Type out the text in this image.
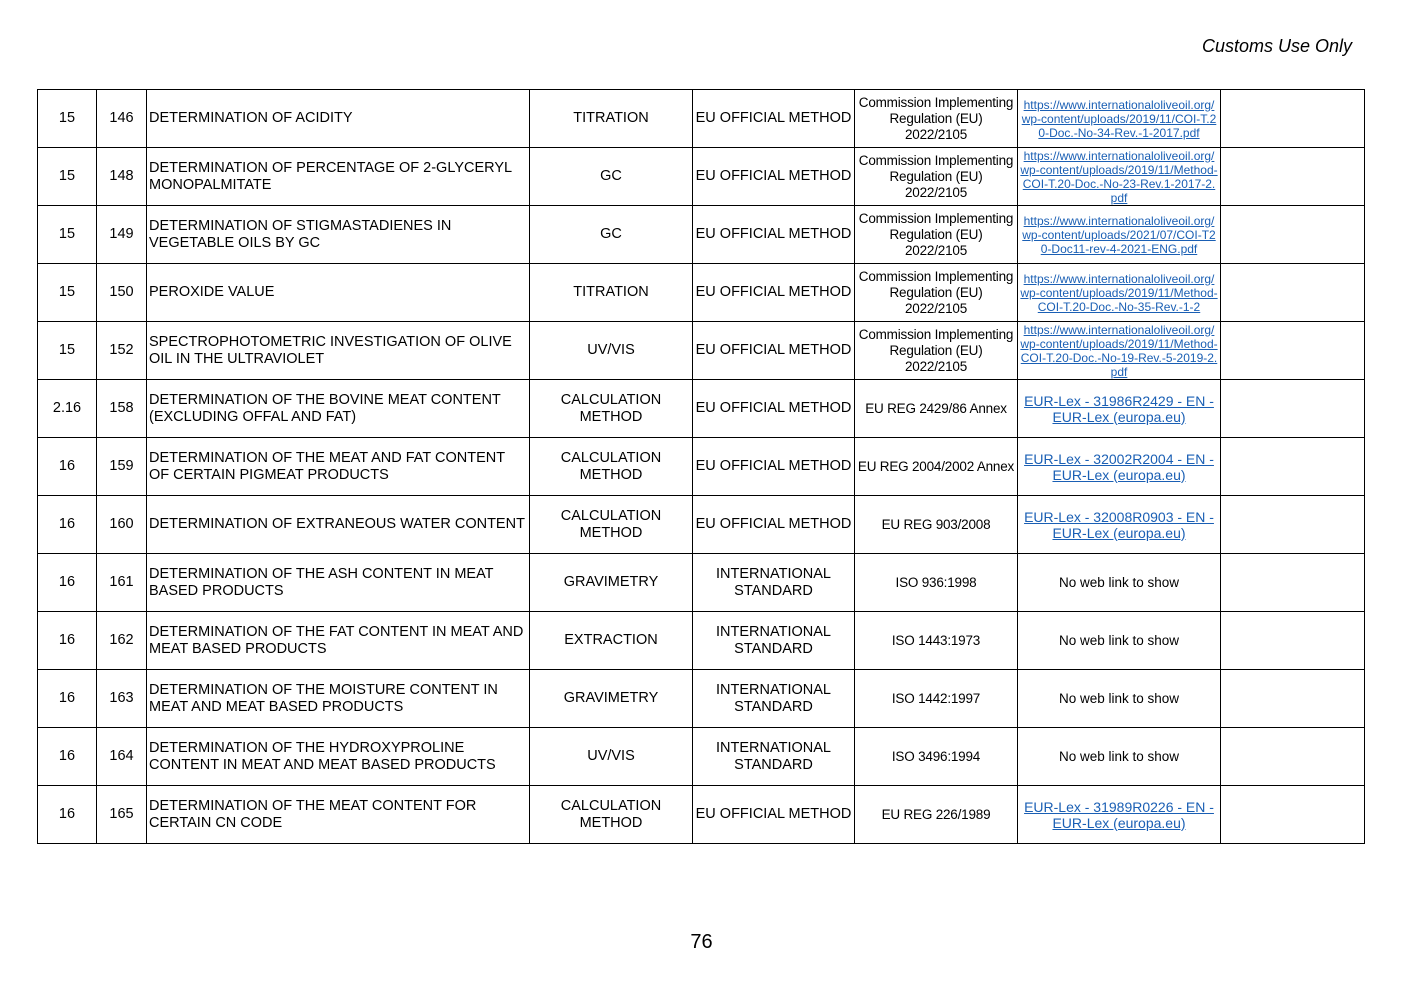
Customs Use Only
15	146	DETERMINATION OF ACIDITY	TITRATION	EU OFFICIAL METHOD	Commission Implementing Regulation (EU) 2022/2105	https://www.internationaloliveoil.org/wp-content/uploads/2019/11/COI-T.20-Doc.-No-34-Rev.-1-2017.pdf	
15	148	DETERMINATION OF PERCENTAGE OF 2-GLYCERYL MONOPALMITATE	GC	EU OFFICIAL METHOD	Commission Implementing Regulation (EU) 2022/2105	https://www.internationaloliveoil.org/wp-content/uploads/2019/11/Method-COI-T.20-Doc.-No-23-Rev.1-2017-2.pdf	
15	149	DETERMINATION OF STIGMASTADIENES IN VEGETABLE OILS BY GC	GC	EU OFFICIAL METHOD	Commission Implementing Regulation (EU) 2022/2105	https://www.internationaloliveoil.org/wp-content/uploads/2021/07/COI-T20-Doc11-rev-4-2021-ENG.pdf	
15	150	PEROXIDE VALUE	TITRATION	EU OFFICIAL METHOD	Commission Implementing Regulation (EU) 2022/2105	https://www.internationaloliveoil.org/wp-content/uploads/2019/11/Method-COI-T.20-Doc.-No-35-Rev.-1-2	
15	152	SPECTROPHOTOMETRIC INVESTIGATION OF OLIVE OIL IN THE ULTRAVIOLET	UV/VIS	EU OFFICIAL METHOD	Commission Implementing Regulation (EU) 2022/2105	https://www.internationaloliveoil.org/wp-content/uploads/2019/11/Method-COI-T.20-Doc.-No-19-Rev.-5-2019-2.pdf	
2.16	158	DETERMINATION OF THE BOVINE MEAT CONTENT (EXCLUDING OFFAL AND FAT)	CALCULATION METHOD	EU OFFICIAL METHOD	EU REG 2429/86 Annex	EUR-Lex - 31986R2429 - EN - EUR-Lex (europa.eu)	
16	159	DETERMINATION OF THE MEAT AND FAT CONTENT OF CERTAIN PIGMEAT PRODUCTS	CALCULATION METHOD	EU OFFICIAL METHOD	EU REG 2004/2002 Annex	EUR-Lex - 32002R2004 - EN - EUR-Lex (europa.eu)	
16	160	DETERMINATION OF EXTRANEOUS WATER CONTENT	CALCULATION METHOD	EU OFFICIAL METHOD	EU REG 903/2008	EUR-Lex - 32008R0903 - EN - EUR-Lex (europa.eu)	
16	161	DETERMINATION OF THE ASH CONTENT IN MEAT BASED PRODUCTS	GRAVIMETRY	INTERNATIONAL STANDARD	ISO 936:1998	No web link to show	
16	162	DETERMINATION OF THE FAT CONTENT IN MEAT AND MEAT BASED PRODUCTS	EXTRACTION	INTERNATIONAL STANDARD	ISO 1443:1973	No web link to show	
16	163	DETERMINATION OF THE MOISTURE CONTENT IN MEAT AND MEAT BASED PRODUCTS	GRAVIMETRY	INTERNATIONAL STANDARD	ISO 1442:1997	No web link to show	
16	164	DETERMINATION OF THE HYDROXYPROLINE CONTENT IN MEAT AND MEAT BASED PRODUCTS	UV/VIS	INTERNATIONAL STANDARD	ISO 3496:1994	No web link to show	
16	165	DETERMINATION OF THE MEAT CONTENT FOR CERTAIN CN CODE	CALCULATION METHOD	EU OFFICIAL METHOD	EU REG 226/1989	EUR-Lex - 31989R0226 - EN - EUR-Lex (europa.eu)	
76
